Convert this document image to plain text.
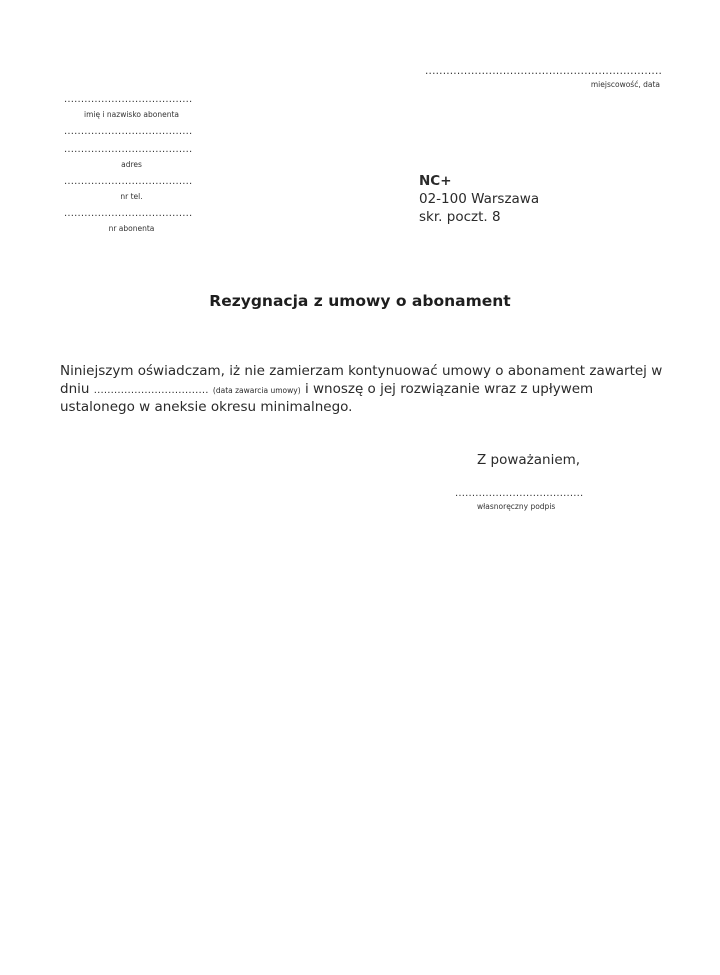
...................................................................
miejscowość, data
......................................
imię i nazwisko abonenta
......................................
......................................
adres
......................................
nr tel.
......................................
nr abonenta
NC+
02-100 Warszawa
skr. poczt. 8
Rezygnacja z umowy o abonament
Niniejszym oświadczam, iż nie zamierzam kontynuować umowy o abonament zawartej w
dniu .................................. (data zawarcia umowy) i wnoszę o jej rozwiązanie wraz z upływem
ustalonego w aneksie okresu minimalnego.
Z poważaniem,
......................................
własnoręczny podpis
